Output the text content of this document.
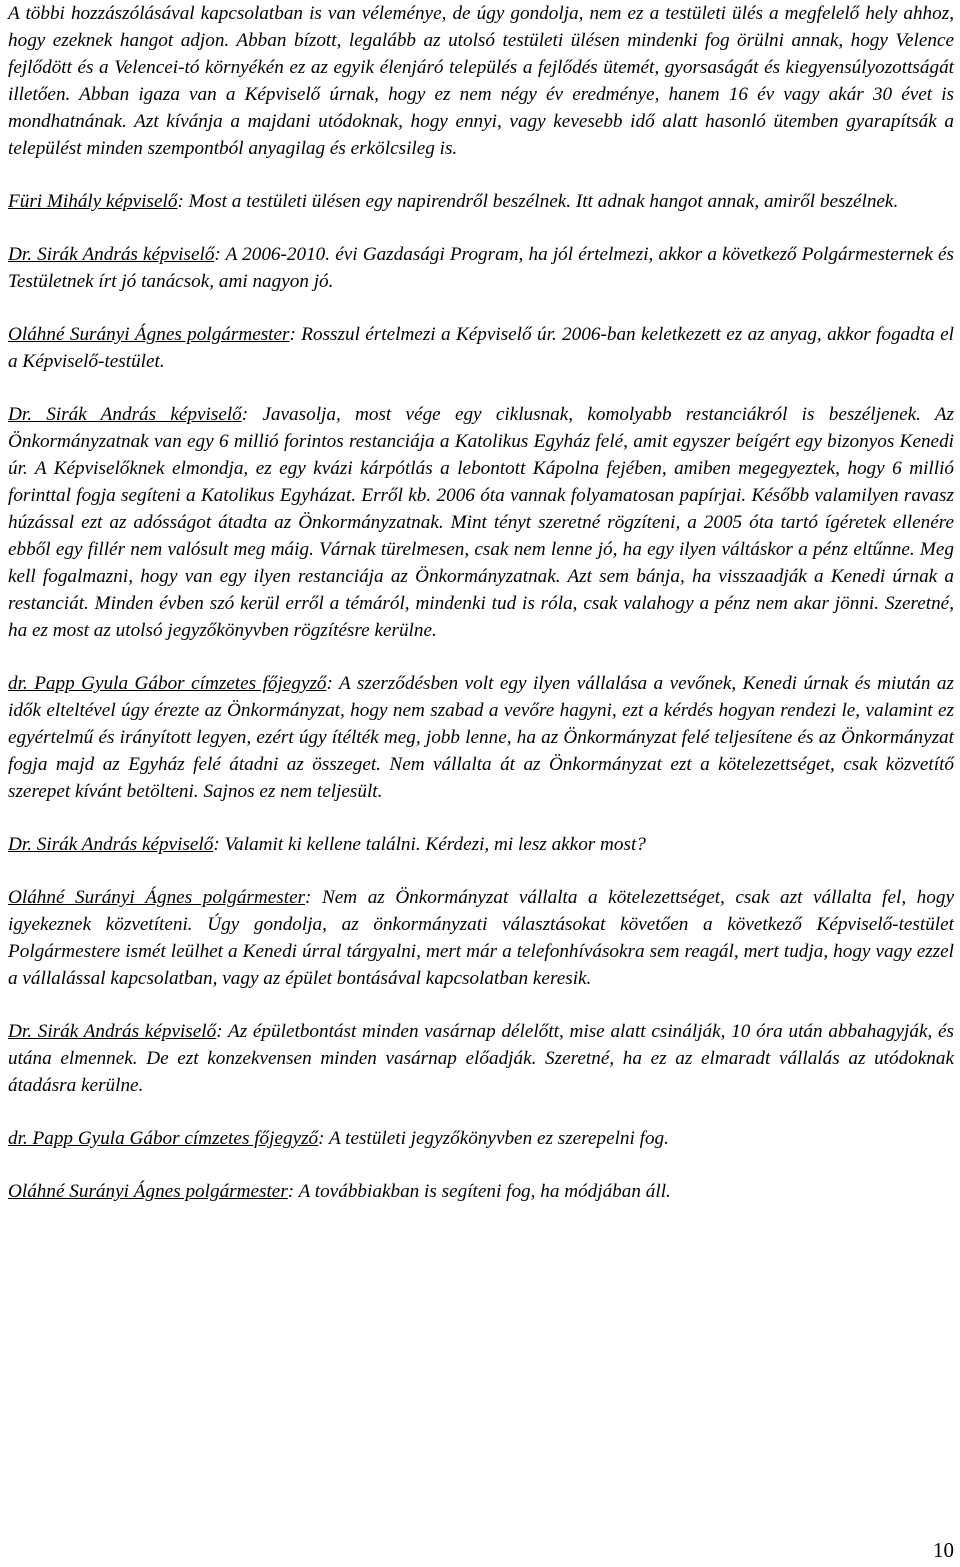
A többi hozzászólásával kapcsolatban is van véleménye, de úgy gondolja, nem ez a testületi ülés a megfelelő hely ahhoz, hogy ezeknek hangot adjon. Abban bízott, legalább az utolsó testületi ülésen mindenki fog örülni annak, hogy Velence fejlődött és a Velencei-tó környékén ez az egyik élenjáró település a fejlődés ütemét, gyorsaságát és kiegyensúlyozottságát illetően. Abban igaza van a Képviselő úrnak, hogy ez nem négy év eredménye, hanem 16 év vagy akár 30 évet is mondhatnának. Azt kívánja a majdani utódoknak, hogy ennyi, vagy kevesebb idő alatt hasonló ütemben gyarapítsák a települést minden szempontból anyagilag és erkölcsileg is.

Füri Mihály képviselő: Most a testületi ülésen egy napirendről beszélnek. Itt adnak hangot annak, amiről beszélnek.

Dr. Sirák András képviselő: A 2006-2010. évi Gazdasági Program, ha jól értelmezi, akkor a következő Polgármesternek és Testületnek írt jó tanácsok, ami nagyon jó.

Oláhné Surányi Ágnes polgármester: Rosszul értelmezi a Képviselő úr. 2006-ban keletkezett ez az anyag, akkor fogadta el a Képviselő-testület.

Dr. Sirák András képviselő: Javasolja, most vége egy ciklusnak, komolyabb restanciákról is beszéljenek. Az Önkormányzatnak van egy 6 millió forintos restanciája a Katolikus Egyház felé, amit egyszer beígért egy bizonyos Kenedi úr. A Képviselőknek elmondja, ez egy kvázi kárpótlás a lebontott Kápolna fejében, amiben megegyeztek, hogy 6 millió forinttal fogja segíteni a Katolikus Egyházat. Erről kb. 2006 óta vannak folyamatosan papírjai. Később valamilyen ravasz húzással ezt az adósságot átadta az Önkormányzatnak. Mint tényt szeretné rögzíteni, a 2005 óta tartó ígéretek ellenére ebből egy fillér nem valósult meg máig. Várnak türelmesen, csak nem lenne jó, ha egy ilyen váltáskor a pénz eltűnne. Meg kell fogalmazni, hogy van egy ilyen restanciája az Önkormányzatnak. Azt sem bánja, ha visszaadják a Kenedi úrnak a restanciát. Minden évben szó kerül erről a témáról, mindenki tud is róla, csak valahogy a pénz nem akar jönni. Szeretné, ha ez most az utolsó jegyzőkönyvben rögzítésre kerülne.

dr. Papp Gyula Gábor címzetes főjegyző: A szerződésben volt egy ilyen vállalása a vevőnek, Kenedi úrnak és miután az idők elteltével úgy érezte az Önkormányzat, hogy nem szabad a vevőre hagyni, ezt a kérdés hogyan rendezi le, valamint ez egyértelmű és irányított legyen, ezért úgy ítélték meg, jobb lenne, ha az Önkormányzat felé teljesítene és az Önkormányzat fogja majd az Egyház felé átadni az összeget. Nem vállalta át az Önkormányzat ezt a kötelezettséget, csak közvetítő szerepet kívánt betölteni. Sajnos ez nem teljesült.

Dr. Sirák András képviselő: Valamit ki kellene találni. Kérdezi, mi lesz akkor most?

Oláhné Surányi Ágnes polgármester: Nem az Önkormányzat vállalta a kötelezettséget, csak azt vállalta fel, hogy igyekeznek közvetíteni. Úgy gondolja, az önkormányzati választásokat követően a következő Képviselő-testület Polgármestere ismét leülhet a Kenedi úrral tárgyalni, mert már a telefonhívásokra sem reagál, mert tudja, hogy vagy ezzel a vállalással kapcsolatban, vagy az épület bontásával kapcsolatban keresik.

Dr. Sirák András képviselő: Az épületbontást minden vasárnap délelőtt, mise alatt csinálják, 10 óra után abbahagyják, és utána elmennek. De ezt konzekvensen minden vasárnap előadják. Szeretné, ha ez az elmaradt vállalás az utódoknak átadásra kerülne.

dr. Papp Gyula Gábor címzetes főjegyző: A testületi jegyzőkönyvben ez szerepelni fog.

Oláhné Surányi Ágnes polgármester: A továbbiakban is segíteni fog, ha módjában áll.

10
